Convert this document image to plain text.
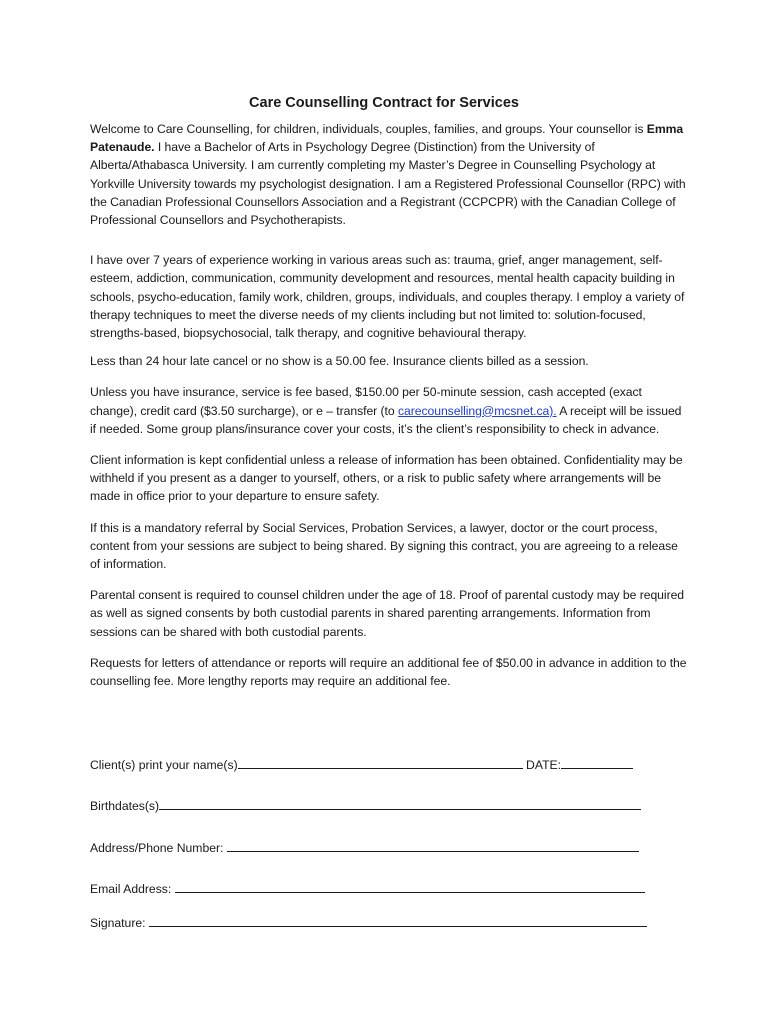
Care Counselling Contract for Services

Welcome to Care Counselling, for children, individuals, couples, families, and groups. Your counsellor is Emma Patenaude. I have a Bachelor of Arts in Psychology Degree (Distinction) from the University of Alberta/Athabasca University. I am currently completing my Master’s Degree in Counselling Psychology at Yorkville University towards my psychologist designation. I am a Registered Professional Counsellor (RPC) with the Canadian Professional Counsellors Association and a Registrant (CCPCPR) with the Canadian College of Professional Counsellors and Psychotherapists.

I have over 7 years of experience working in various areas such as: trauma, grief, anger management, self-esteem, addiction, communication, community development and resources, mental health capacity building in schools, psycho-education, family work, children, groups, individuals, and couples therapy. I employ a variety of therapy techniques to meet the diverse needs of my clients including but not limited to: solution-focused, strengths-based, biopsychosocial, talk therapy, and cognitive behavioural therapy.

Less than 24 hour late cancel or no show is a 50.00 fee. Insurance clients billed as a session.

Unless you have insurance, service is fee based, $150.00 per 50-minute session, cash accepted (exact change), credit card ($3.50 surcharge), or e – transfer (to carecounselling@mcsnet.ca). A receipt will be issued if needed. Some group plans/insurance cover your costs, it’s the client’s responsibility to check in advance.

Client information is kept confidential unless a release of information has been obtained. Confidentiality may be withheld if you present as a danger to yourself, others, or a risk to public safety where arrangements will be made in office prior to your departure to ensure safety.

If this is a mandatory referral by Social Services, Probation Services, a lawyer, doctor or the court process, content from your sessions are subject to being shared. By signing this contract, you are agreeing to a release of information.

Parental consent is required to counsel children under the age of 18. Proof of parental custody may be required as well as signed consents by both custodial parents in shared parenting arrangements. Information from sessions can be shared with both custodial parents.

Requests for letters of attendance or reports will require an additional fee of $50.00 in advance in addition to the counselling fee. More lengthy reports may require an additional fee.

Client(s) print your name(s)	DATE:
Birthdates(s)
Address/Phone Number:
Email Address:
Signature:
